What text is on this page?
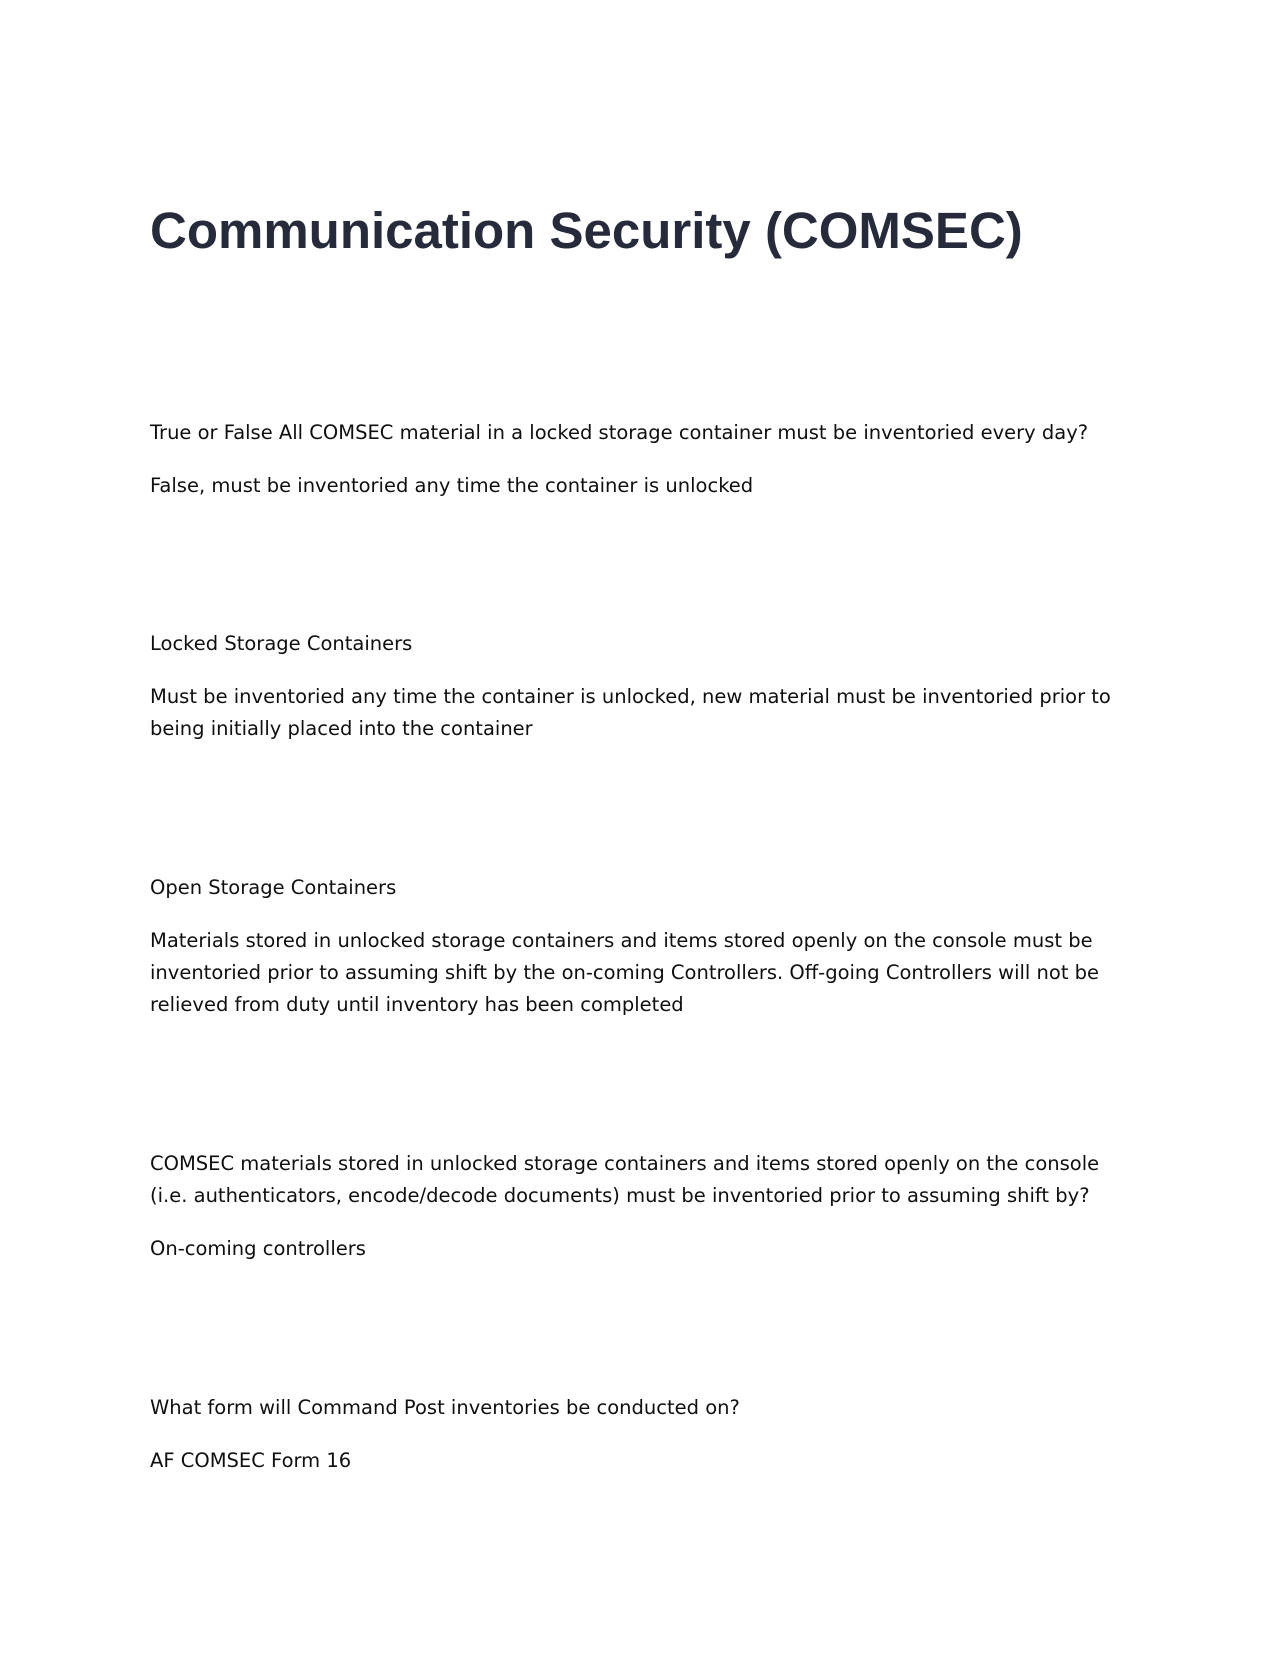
Communication Security (COMSEC)

True or False All COMSEC material in a locked storage container must be inventoried every day?

False, must be inventoried any time the container is unlocked

Locked Storage Containers

Must be inventoried any time the container is unlocked, new material must be inventoried prior to being initially placed into the container

Open Storage Containers

Materials stored in unlocked storage containers and items stored openly on the console must be inventoried prior to assuming shift by the on-coming Controllers. Off-going Controllers will not be relieved from duty until inventory has been completed

COMSEC materials stored in unlocked storage containers and items stored openly on the console (i.e. authenticators, encode/decode documents) must be inventoried prior to assuming shift by?

On-coming controllers

What form will Command Post inventories be conducted on?

AF COMSEC Form 16
